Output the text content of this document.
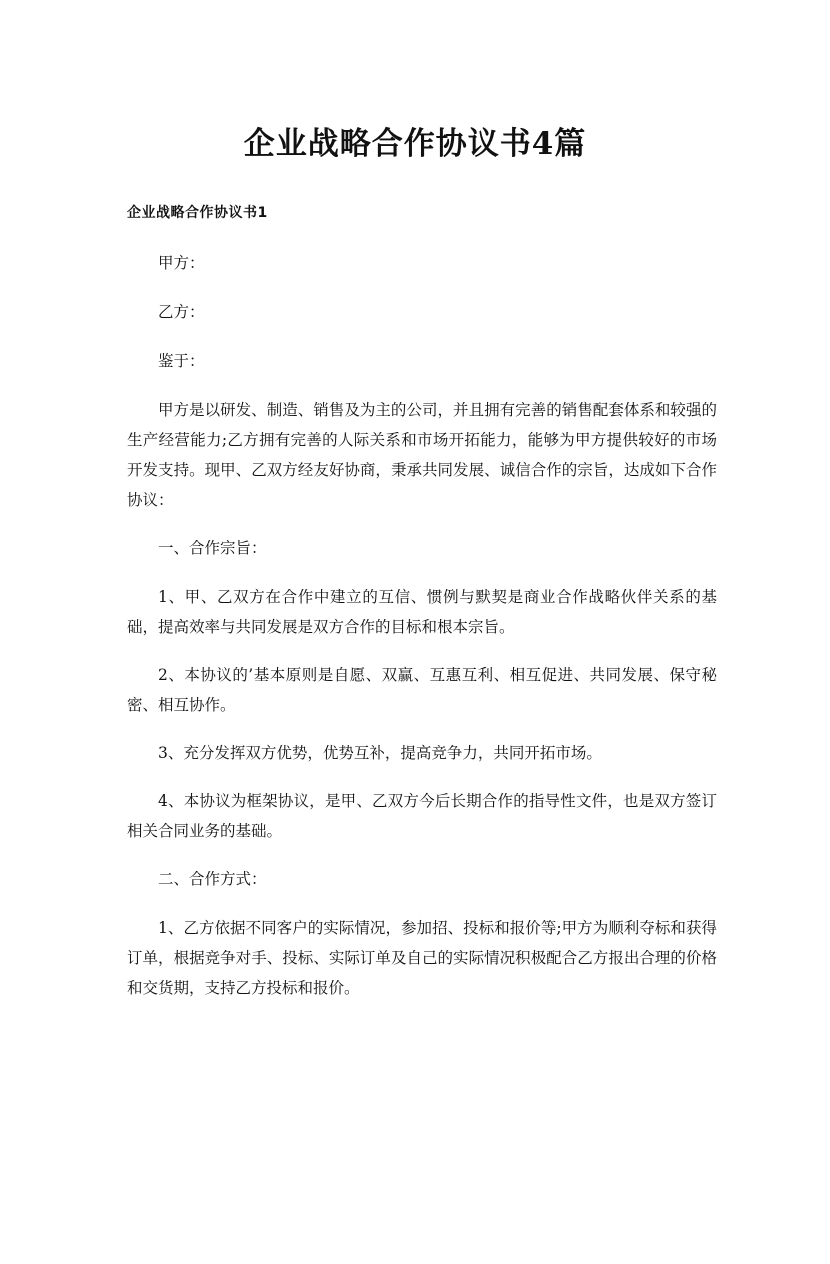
企业战略合作协议书4篇
企业战略合作协议书1

甲方：

乙方：

鉴于：

甲方是以研发、制造、销售及为主的公司，并且拥有完善的销售配套体系和较强的生产经营能力;乙方拥有完善的人际关系和市场开拓能力，能够为甲方提供较好的市场开发支持。现甲、乙双方经友好协商，秉承共同发展、诚信合作的宗旨，达成如下合作协议：

一、合作宗旨：

1、甲、乙双方在合作中建立的互信、惯例与默契是商业合作战略伙伴关系的基础，提高效率与共同发展是双方合作的目标和根本宗旨。

2、本协议的’基本原则是自愿、双赢、互惠互利、相互促进、共同发展、保守秘密、相互协作。

3、充分发挥双方优势，优势互补，提高竞争力，共同开拓市场。

4、本协议为框架协议，是甲、乙双方今后长期合作的指导性文件，也是双方签订相关合同业务的基础。

二、合作方式：

1、乙方依据不同客户的实际情况，参加招、投标和报价等;甲方为顺利夺标和获得订单，根据竞争对手、投标、实际订单及自己的实际情况积极配合乙方报出合理的价格和交货期，支持乙方投标和报价。
